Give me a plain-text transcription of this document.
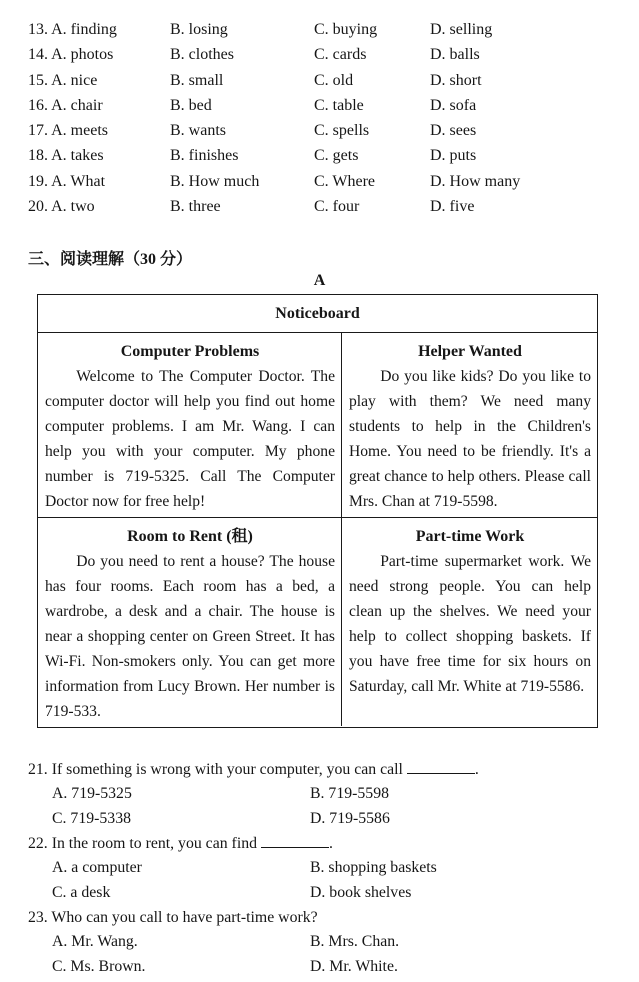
13. A. finding	B. losing	C. buying	D. selling
14. A. photos	B. clothes	C. cards	D. balls
15. A. nice	B. small	C. old	D. short
16. A. chair	B. bed	C. table	D. sofa
17. A. meets	B. wants	C. spells	D. sees
18. A. takes	B. finishes	C. gets	D. puts
19. A. What	B. How much	C. Where	D. How many
20. A. two	B. three	C. four	D. five
三、阅读理解（30 分）
A
Noticeboard
Computer Problems

Welcome to The Computer Doctor. The computer doctor will help you find out home computer problems. I am Mr. Wang. I can help you with your computer. My phone number is 719-5325. Call The Computer Doctor now for free help!

Helper Wanted

Do you like kids? Do you like to play with them? We need many students to help in the Children's Home. You need to be friendly. It's a great chance to help others. Please call Mrs. Chan at 719-5598.

Room to Rent (租)

Do you need to rent a house? The house has four rooms. Each room has a bed, a wardrobe, a desk and a chair. The house is near a shopping center on Green Street. It has Wi-Fi. Non-smokers only. You can get more information from Lucy Brown. Her number is 719-533.

Part-time Work

Part-time supermarket work. We need strong people. You can help clean up the shelves. We need your help to collect shopping baskets. If you have free time for six hours on Saturday, call Mr. White at 719-5586.

21. If something is wrong with your computer, you can call	.
A. 719-5325	B. 719-5598
C. 719-5338	D. 719-5586
22. In the room to rent, you can find	.
A. a computer	B. shopping baskets
C. a desk	D. book shelves
23. Who can you call to have part-time work?
A. Mr. Wang.	B. Mrs. Chan.
C. Ms. Brown.	D. Mr. White.
